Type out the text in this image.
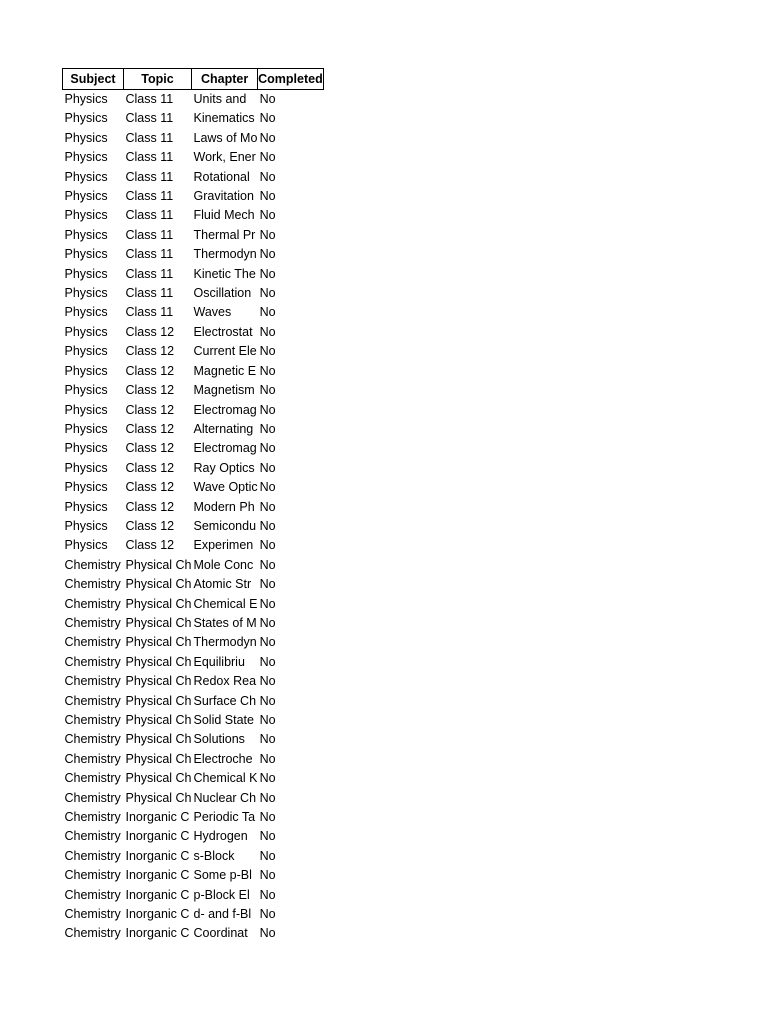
Subject	Topic	Chapter	Completed
Physics	Class 11	Units and	No
Physics	Class 11	Kinematics	No
Physics	Class 11	Laws of Mo	No
Physics	Class 11	Work, Ener	No
Physics	Class 11	Rotational	No
Physics	Class 11	Gravitation	No
Physics	Class 11	Fluid Mech	No
Physics	Class 11	Thermal Pr	No
Physics	Class 11	Thermodyn	No
Physics	Class 11	Kinetic The	No
Physics	Class 11	Oscillation	No
Physics	Class 11	Waves	No
Physics	Class 12	Electrostat	No
Physics	Class 12	Current Ele	No
Physics	Class 12	Magnetic E	No
Physics	Class 12	Magnetism	No
Physics	Class 12	Electromag	No
Physics	Class 12	Alternating	No
Physics	Class 12	Electromag	No
Physics	Class 12	Ray Optics	No
Physics	Class 12	Wave Optic	No
Physics	Class 12	Modern Ph	No
Physics	Class 12	Semicondu	No
Physics	Class 12	Experimen	No
Chemistry	Physical Ch	Mole Conc	No
Chemistry	Physical Ch	Atomic Str	No
Chemistry	Physical Ch	Chemical E	No
Chemistry	Physical Ch	States of M	No
Chemistry	Physical Ch	Thermodyn	No
Chemistry	Physical Ch	Equilibriu	No
Chemistry	Physical Ch	Redox Rea	No
Chemistry	Physical Ch	Surface Ch	No
Chemistry	Physical Ch	Solid State	No
Chemistry	Physical Ch	Solutions	No
Chemistry	Physical Ch	Electroche	No
Chemistry	Physical Ch	Chemical K	No
Chemistry	Physical Ch	Nuclear Ch	No
Chemistry	Inorganic C	Periodic Ta	No
Chemistry	Inorganic C	Hydrogen	No
Chemistry	Inorganic C	s-Block	No
Chemistry	Inorganic C	Some p-Bl	No
Chemistry	Inorganic C	p-Block El	No
Chemistry	Inorganic C	d- and f-Bl	No
Chemistry	Inorganic C	Coordinat	No
